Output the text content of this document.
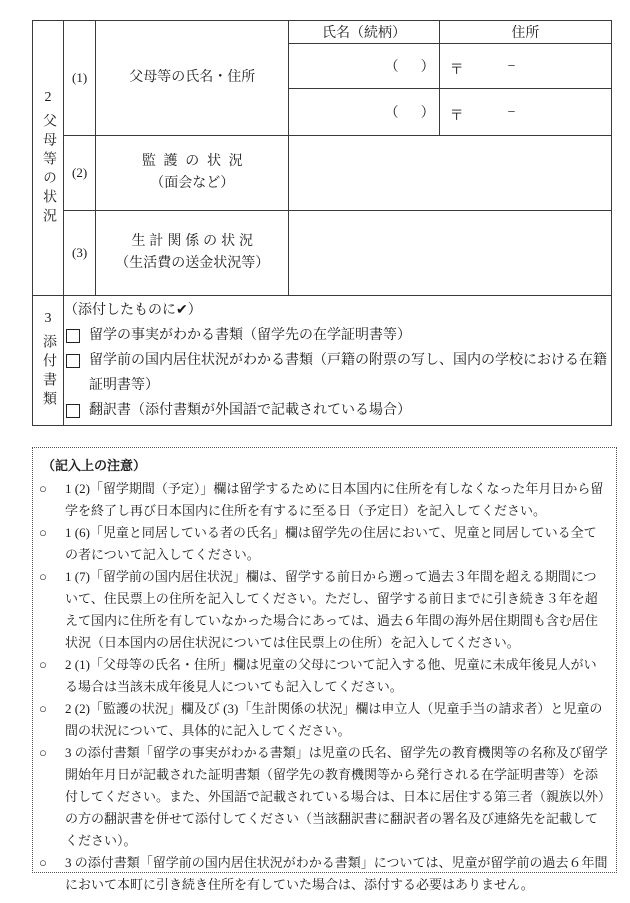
2
父母等の状況	(1)	父母等の氏名・住所	氏名（続柄）	住所
			（　）	〒 −

			（　）	〒 −

	(2)	監護の状況
（面会など）		

	(3)	生計関係の状況
（生活費の送金状況等）		

3
添付書類

（添付したものに✔）
留学の事実がわかる書類（留学先の在学証明書等）
留学前の国内居住状況がわかる書類（戸籍の附票の写し、国内の学校における在籍証明書等）
翻訳書（添付書類が外国語で記載されている場合）
（記入上の注意）
○	1 (2)「留学期間（予定）」欄は留学するために日本国内に住所を有しなくなった年月日から留学を終了し再び日本国内に住所を有するに至る日（予定日）を記入してください。
○	1 (6)「児童と同居している者の氏名」欄は留学先の住居において、児童と同居している全ての者について記入してください。
○	1 (7)「留学前の国内居住状況」欄は、留学する前日から遡って過去３年間を超える期間について、住民票上の住所を記入してください。ただし、留学する前日までに引き続き３年を超えて国内に住所を有していなかった場合にあっては、過去６年間の海外居住期間も含む居住状況（日本国内の居住状況については住民票上の住所）を記入してください。
○	2 (1)「父母等の氏名・住所」欄は児童の父母について記入する他、児童に未成年後見人がいる場合は当該未成年後見人についても記入してください。
○	2 (2)「監護の状況」欄及び (3)「生計関係の状況」欄は申立人（児童手当の請求者）と児童の間の状況について、具体的に記入してください。
○	3 の添付書類「留学の事実がわかる書類」は児童の氏名、留学先の教育機関等の名称及び留学開始年月日が記載された証明書類（留学先の教育機関等から発行される在学証明書等）を添付してください。また、外国語で記載されている場合は、日本に居住する第三者（親族以外）の方の翻訳書を併せて添付してください（当該翻訳書に翻訳者の署名及び連絡先を記載してください）。
○	3 の添付書類「留学前の国内居住状況がわかる書類」については、児童が留学前の過去６年間において本町に引き続き住所を有していた場合は、添付する必要はありません。
